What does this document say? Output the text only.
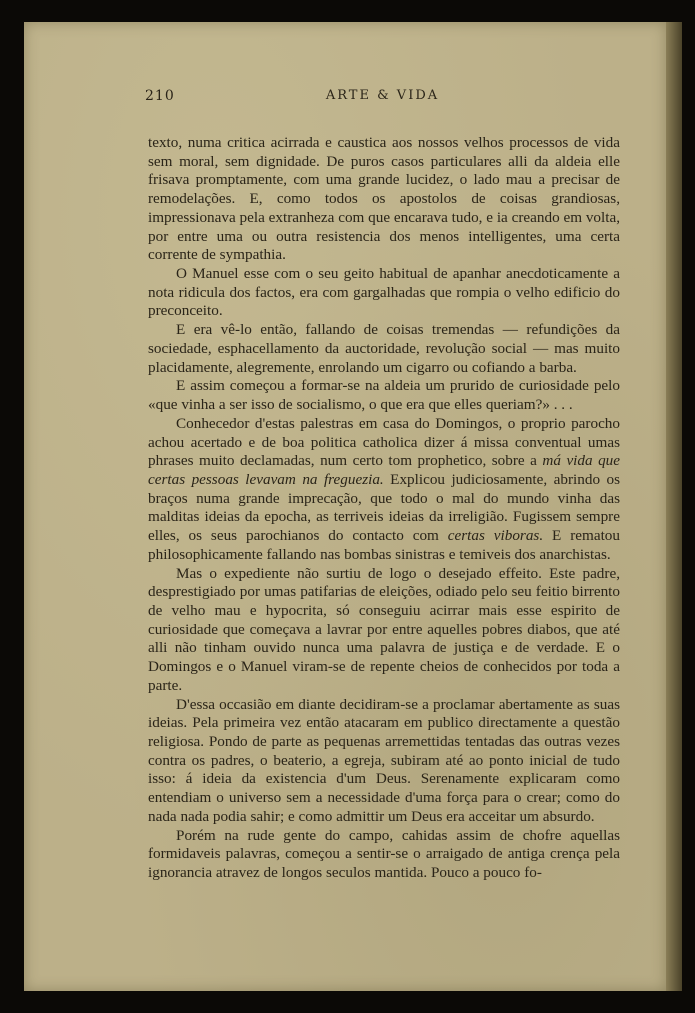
210	ARTE & VIDA

texto, numa critica acirrada e caustica aos nossos velhos processos de vida sem moral, sem dignidade. De puros casos particulares alli da aldeia elle frisava promptamente, com uma grande lucidez, o lado mau a precisar de remodelações. E, como todos os apostolos de coisas grandiosas, impressionava pela extranheza com que encarava tudo, e ia creando em volta, por entre uma ou outra resistencia dos menos intelligentes, uma certa corrente de sympathia.

O Manuel esse com o seu geito habitual de apanhar anecdoticamente a nota ridicula dos factos, era com gargalhadas que rompia o velho edificio do preconceito.

E era vê-lo então, fallando de coisas tremendas — refundições da sociedade, esphacellamento da auctoridade, revolução social — mas muito placidamente, alegremente, enrolando um cigarro ou cofiando a barba.

E assim começou a formar-se na aldeia um prurido de curiosidade pelo «que vinha a ser isso de socialismo, o que era que elles queriam?» . . .

Conhecedor d'estas palestras em casa do Domingos, o proprio parocho achou acertado e de boa politica catholica dizer á missa conventual umas phrases muito declamadas, num certo tom prophetico, sobre a má vida que certas pessoas levavam na freguezia. Explicou judiciosamente, abrindo os braços numa grande imprecação, que todo o mal do mundo vinha das malditas ideias da epocha, as terriveis ideias da irreligião. Fugissem sempre elles, os seus parochianos do contacto com certas viboras. E rematou philosophicamente fallando nas bombas sinistras e temiveis dos anarchistas.

Mas o expediente não surtiu de logo o desejado effeito. Este padre, desprestigiado por umas patifarias de eleições, odiado pelo seu feitio birrento de velho mau e hypocrita, só conseguiu acirrar mais esse espirito de curiosidade que começava a lavrar por entre aquelles pobres diabos, que até alli não tinham ouvido nunca uma palavra de justiça e de verdade. E o Domingos e o Manuel viram-se de repente cheios de conhecidos por toda a parte.

D'essa occasião em diante decidiram-se a proclamar abertamente as suas ideias. Pela primeira vez então atacaram em publico directamente a questão religiosa. Pondo de parte as pequenas arremettidas tentadas das outras vezes contra os padres, o beaterio, a egreja, subiram até ao ponto inicial de tudo isso: á ideia da existencia d'um Deus. Serenamente explicaram como entendiam o universo sem a necessidade d'uma força para o crear; como do nada nada podia sahir; e como admittir um Deus era acceitar um absurdo.

Porém na rude gente do campo, cahidas assim de chofre aquellas formidaveis palavras, começou a sentir-se o arraigado de antiga crença pela ignorancia atravez de longos seculos mantida. Pouco a pouco fo-
